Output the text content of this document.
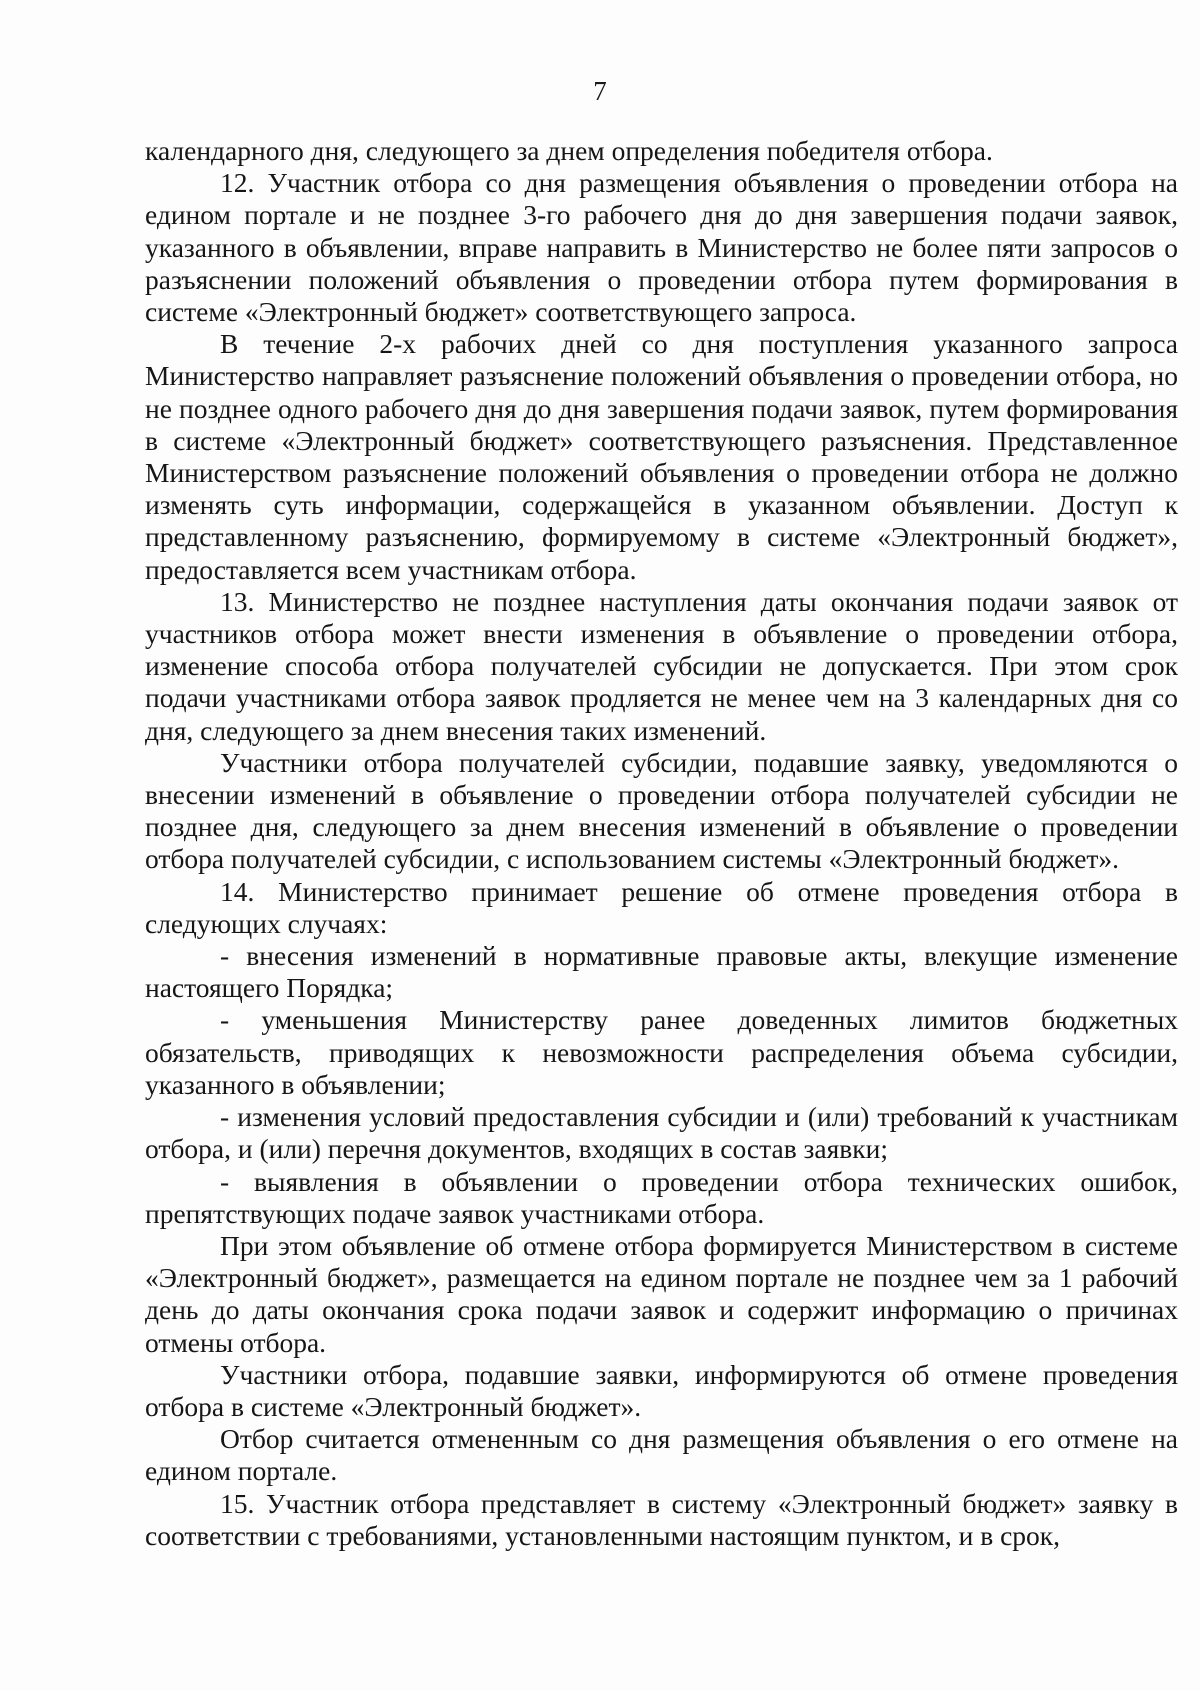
7

календарного дня, следующего за днем определения победителя отбора.

12. Участник отбора со дня размещения объявления о проведении отбора на едином портале и не позднее 3-го рабочего дня до дня завершения подачи заявок, указанного в объявлении, вправе направить в Министерство не более пяти запросов о разъяснении положений объявления о проведении отбора путем формирования в системе «Электронный бюджет» соответствующего запроса.

В течение 2-х рабочих дней со дня поступления указанного запроса Министерство направляет разъяснение положений объявления о проведении отбора, но не позднее одного рабочего дня до дня завершения подачи заявок, путем формирования в системе «Электронный бюджет» соответствующего разъяснения. Представленное Министерством разъяснение положений объявления о проведении отбора не должно изменять суть информации, содержащейся в указанном объявлении. Доступ к представленному разъяснению, формируемому в системе «Электронный бюджет», предоставляется всем участникам отбора.

13. Министерство не позднее наступления даты окончания подачи заявок от участников отбора может внести изменения в объявление о проведении отбора, изменение способа отбора получателей субсидии не допускается. При этом срок подачи участниками отбора заявок продляется не менее чем на 3 календарных дня со дня, следующего за днем внесения таких изменений.

Участники отбора получателей субсидии, подавшие заявку, уведомляются о внесении изменений в объявление о проведении отбора получателей субсидии не позднее дня, следующего за днем внесения изменений в объявление о проведении отбора получателей субсидии, с использованием системы «Электронный бюджет».

14. Министерство принимает решение об отмене проведения отбора в следующих случаях:

- внесения изменений в нормативные правовые акты, влекущие изменение настоящего Порядка;

- уменьшения Министерству ранее доведенных лимитов бюджетных обязательств, приводящих к невозможности распределения объема субсидии, указанного в объявлении;

- изменения условий предоставления субсидии и (или) требований к участникам отбора, и (или) перечня документов, входящих в состав заявки;

- выявления в объявлении о проведении отбора технических ошибок, препятствующих подаче заявок участниками отбора.

При этом объявление об отмене отбора формируется Министерством в системе «Электронный бюджет», размещается на едином портале не позднее чем за 1 рабочий день до даты окончания срока подачи заявок и содержит информацию о причинах отмены отбора.

Участники отбора, подавшие заявки, информируются об отмене проведения отбора в системе «Электронный бюджет».

Отбор считается отмененным со дня размещения объявления о его отмене на едином портале.

15. Участник отбора представляет в систему «Электронный бюджет» заявку в соответствии с требованиями, установленными настоящим пунктом, и в срок,
